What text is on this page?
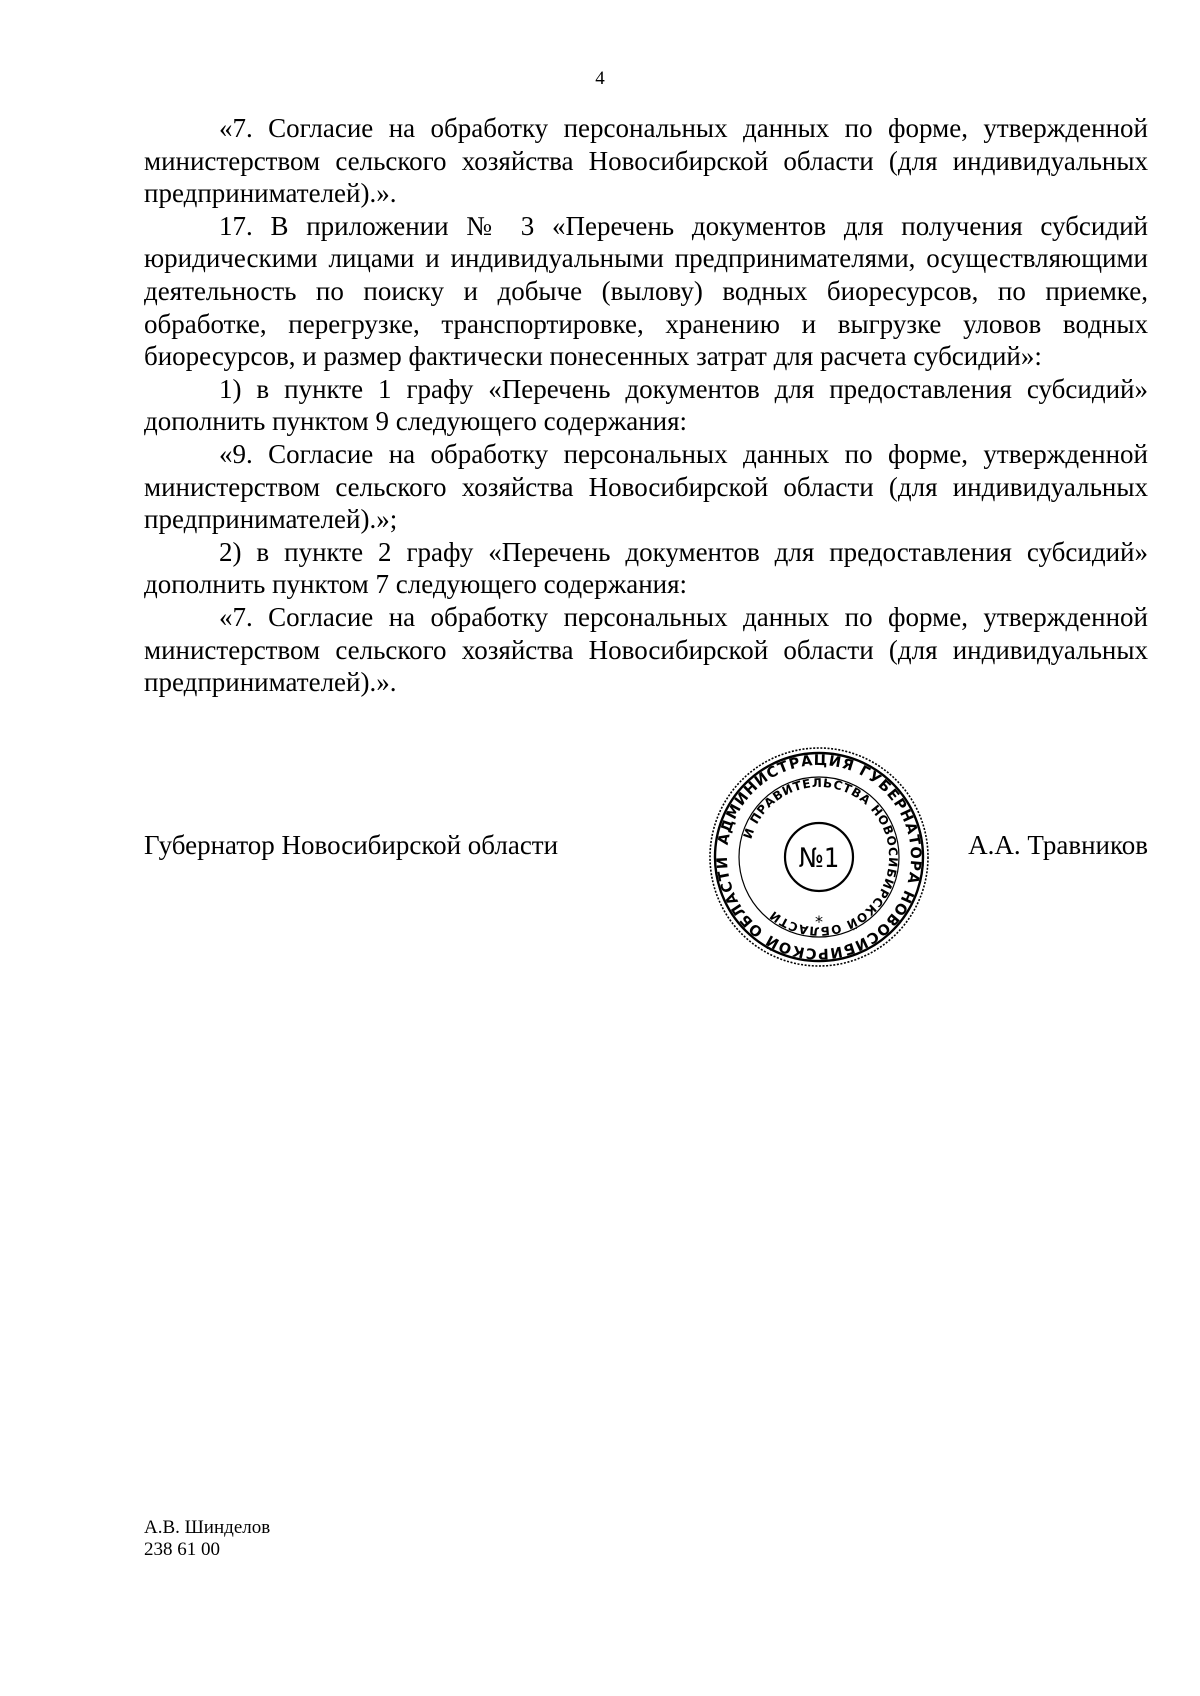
4

«7. Согласие на обработку персональных данных по форме, утвержденной министерством сельского хозяйства Новосибирской области (для индивидуальных предпринимателей).».

17. В приложении № 3 «Перечень документов для получения субсидий юридическими лицами и индивидуальными предпринимателями, осуществляющими деятельность по поиску и добыче (вылову) водных биоресурсов, по приемке, обработке, перегрузке, транспортировке, хранению и выгрузке уловов водных биоресурсов, и размер фактически понесенных затрат для расчета субсидий»:

1) в пункте 1 графу «Перечень документов для предоставления субсидий» дополнить пунктом 9 следующего содержания:

«9. Согласие на обработку персональных данных по форме, утвержденной министерством сельского хозяйства Новосибирской области (для индивидуальных предпринимателей).»;

2) в пункте 2 графу «Перечень документов для предоставления субсидий» дополнить пунктом 7 следующего содержания:

«7. Согласие на обработку персональных данных по форме, утвержденной министерством сельского хозяйства Новосибирской области (для индивидуальных предпринимателей).».

Губернатор Новосибирской области	А.А. Травников
АДМИНИСТРАЦИЯ ГУБЕРНАТОРА НОВОСИБИРСКОЙ ОБЛАСТИ
И ПРАВИТЕЛЬСТВА НОВОСИБИРСКОЙ ОБЛАСТИ
№1
*
А.В. Шинделов
238 61 00
